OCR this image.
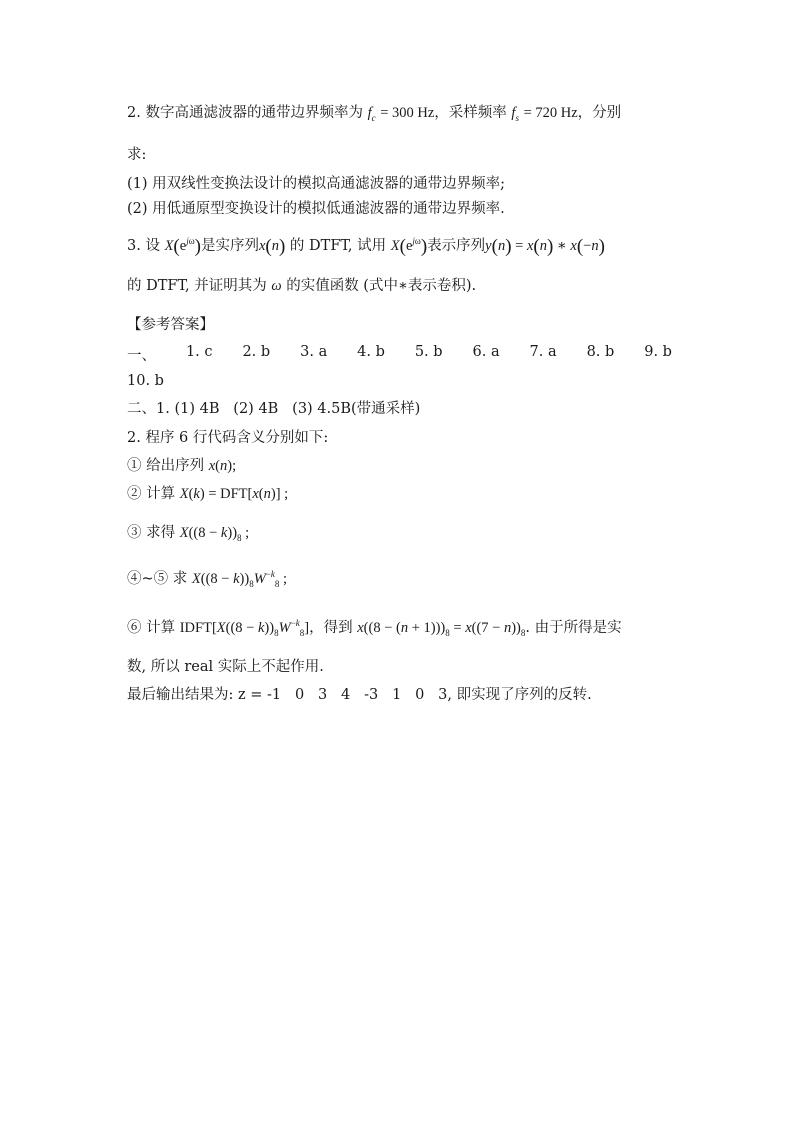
2. 数字高通滤波器的通带边界频率为 $f_c = 300$ Hz，采样频率 $f_s = 720$ Hz，分别
求:
(1) 用双线性变换法设计的模拟高通滤波器的通带边界频率;
(2) 用低通原型变换设计的模拟低通滤波器的通带边界频率.
3. 设 $X(e^{j\omega})$是实序列x(n) 的 DTFT, 试用 $X(e^{j\omega})$表示序列y(n) = x(n) ∗ x(−n)
的 DTFT, 并证明其为 ω 的实值函数 (式中∗表示卷积).
【参考答案】
一、 1. c 2. b 3. a 4. b 5. b 6. a 7. a 8. b 9. b
10. b
二、1. (1) 4B   (2) 4B   (3) 4.5B(带通采样)
2. 程序 6 行代码含义分别如下:
① 给出序列 x(n);
② 计算 X(k) = DFT[x(n)] ;
③ 求得 $X((8 - k))_8$ ;
④~⑤ 求 $X((8 - k))_8W^{-k}_8$ ;
⑥ 计算 IDFT[X((8 − $k))_8W^{-k}_8$]，得到 $x((8 - (n + 1)))_8 = x((7 - n))_8$. 由于所得是实
数, 所以 real 实际上不起作用.
最后输出结果为: z = -1   0   3   4   -3   1   0   3, 即实现了序列的反转.
